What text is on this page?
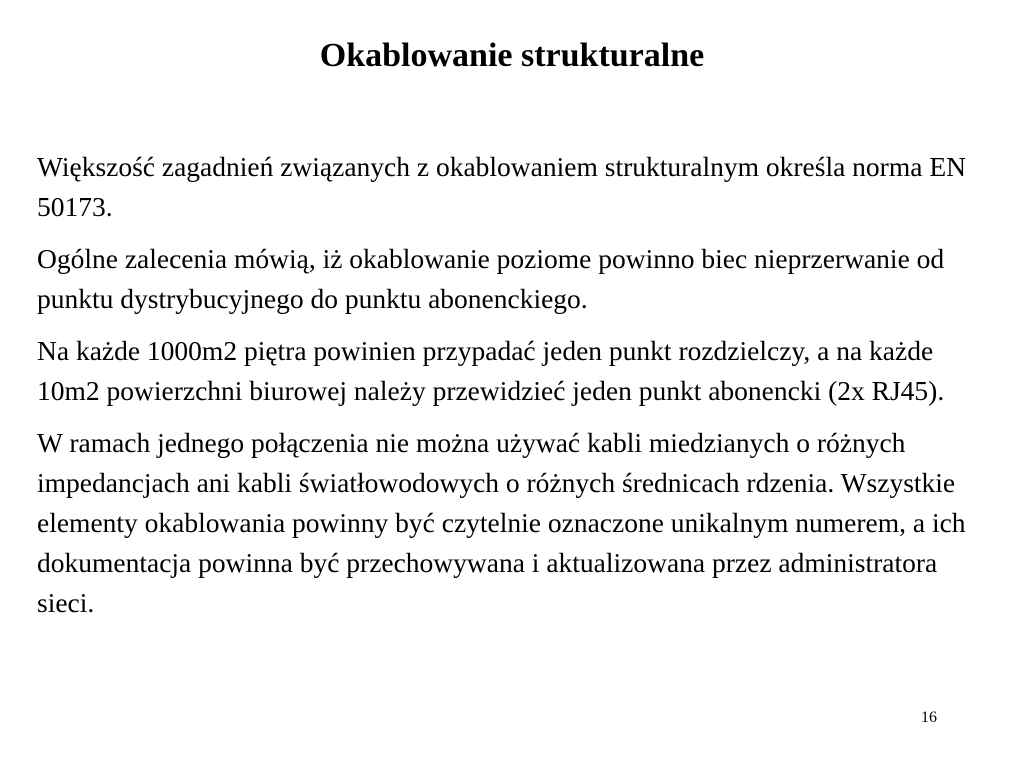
Okablowanie strukturalne

Większość zagadnień związanych z okablowaniem strukturalnym określa norma EN 50173.

Ogólne zalecenia mówią, iż okablowanie poziome powinno biec nieprzerwanie od punktu dystrybucyjnego do punktu abonenckiego.

Na każde 1000m2 piętra powinien przypadać jeden punkt rozdzielczy, a na każde 10m2 powierzchni biurowej należy przewidzieć jeden punkt abonencki (2x RJ45).

W ramach jednego połączenia nie można używać kabli miedzianych o różnych impedancjach ani kabli światłowodowych o różnych średnicach rdzenia. Wszystkie elementy okablowania powinny być czytelnie oznaczone unikalnym numerem, a ich dokumentacja powinna być przechowywana i aktualizowana przez administratora sieci.

16
